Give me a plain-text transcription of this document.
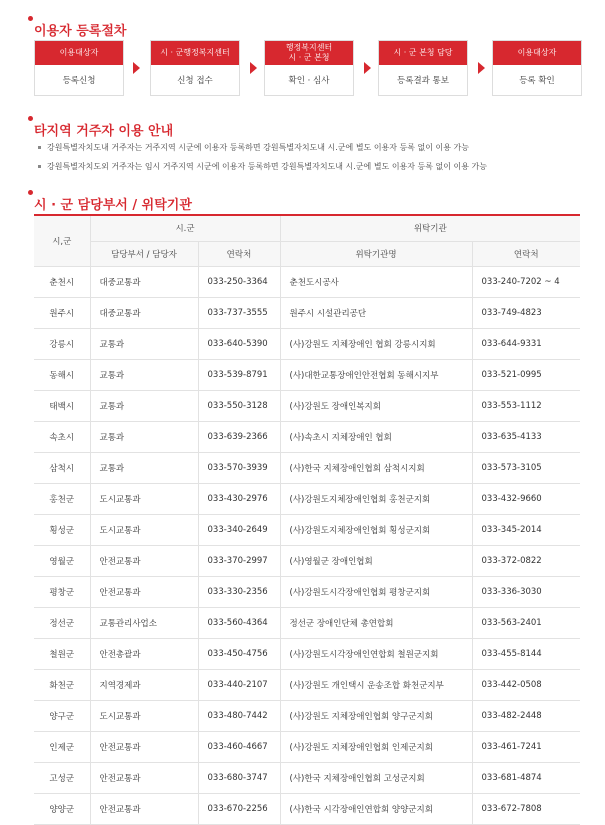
이용자 등록절차
이용대상자
등록신청
시 · 군행정복지센터
신청 접수
행정복지센터
시 · 군 본청
확인 · 심사
시 · 군 본청 담당
등록결과 통보
이용대상자
등록 확인
타지역 거주자 이용 안내
강원특별자치도내 거주자는 거주지역 시군에 이용자 등록하면 강원특별자치도내 시.군에 별도 이용자 등록 없이 이용 가능
강원특별자치도외 거주자는 임시 거주지역 시군에 이용자 등록하면 강원특별자치도내 시.군에 별도 이용자 등록 없이 이용 가능
시 · 군 담당부서 / 위탁기관
시,군	시.군		위탁기관	
	담당부서 / 담당자	연락처	위탁기관명	연락처
춘천시	대중교통과	033-250-3364	춘천도시공사	033-240-7202 ~ 4
원주시	대중교통과	033-737-3555	원주시 시설관리공단	033-749-4823
강릉시	교통과	033-640-5390	(사)강원도 지체장애인 협회 강릉시지회	033-644-9331
동해시	교통과	033-539-8791	(사)대한교통장애인안전협회 동해시지부	033-521-0995
태백시	교통과	033-550-3128	(사)강원도 장애인복지회	033-553-1112
속초시	교통과	033-639-2366	(사)속초시 지체장애인 협회	033-635-4133
삼척시	교통과	033-570-3939	(사)한국 지체장애인협회 삼척시지회	033-573-3105
홍천군	도시교통과	033-430-2976	(사)강원도지체장애인협회 홍천군지회	033-432-9660
횡성군	도시교통과	033-340-2649	(사)강원도지체장애인협회 횡성군지회	033-345-2014
영월군	안전교통과	033-370-2997	(사)영월군 장애인협회	033-372-0822
평창군	안전교통과	033-330-2356	(사)강원도시각장애인협회 평창군지회	033-336-3030
정선군	교통관리사업소	033-560-4364	정선군 장애인단체 총연합회	033-563-2401
철원군	안전총괄과	033-450-4756	(사)강원도시각장애인연합회 철원군지회	033-455-8144
화천군	지역경제과	033-440-2107	(사)강원도 개인택시 운송조합 화천군지부	033-442-0508
양구군	도시교통과	033-480-7442	(사)강원도 지체장애인협회 양구군지회	033-482-2448
인제군	안전교통과	033-460-4667	(사)강원도 지체장애인협회 인제군지회	033-461-7241
고성군	안전교통과	033-680-3747	(사)한국 지체장애인협회 고성군지회	033-681-4874
양양군	안전교통과	033-670-2256	(사)한국 시각장애인연합회 양양군지회	033-672-7808
